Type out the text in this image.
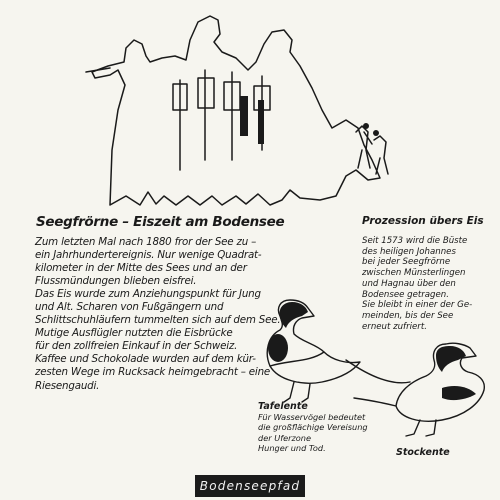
Seegfrörne – Eiszeit am Bodensee
Zum letzten Mal nach 1880 fror der See zu –
ein Jahrhundertereignis. Nur wenige Quadrat-
kilometer in der Mitte des Sees und an der
Flussmündungen blieben eisfrei.
Das Eis wurde zum Anziehungspunkt für Jung
und Alt. Scharen von Fußgängern und
Schlittschuhläufern tummelten sich auf dem See.
Mutige Ausflügler nutzten die Eisbrücke
für den zollfreien Einkauf in der Schweiz.
Kaffee und Schokolade wurden auf dem kür-
zesten Wege im Rucksack heimgebracht – eine
Riesengaudi.
Prozession übers Eis
Seit 1573 wird die Büste
des heiligen Johannes
bei jeder Seegfrörne
zwischen Münsterlingen
und Hagnau über den
Bodensee getragen.
Sie bleibt in einer der Ge-
meinden, bis der See
erneut zufriert.
Tafelente
Für Wasservögel bedeutet
die großflächige Vereisung
der Uferzone
Hunger und Tod.	Stockente
Bodenseepfad
